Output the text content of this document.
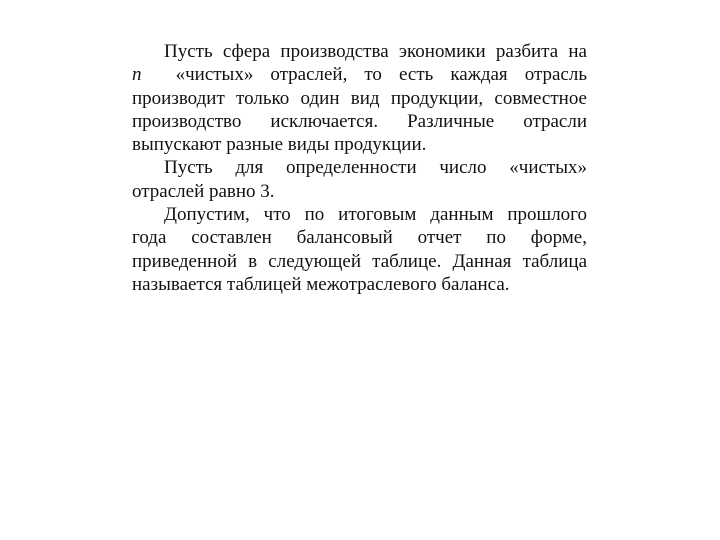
Пусть сфера производства экономики разбита на
n «чистых» отраслей, то есть каждая отрасль
производит только один вид продукции, совместное
производство исключается. Различные отрасли
выпускают разные виды продукции.
Пусть для определенности число «чистых»
отраслей равно 3.
Допустим, что по итоговым данным прошлого
года составлен балансовый отчет по форме,
приведенной в следующей таблице. Данная таблица
называется таблицей межотраслевого баланса.
